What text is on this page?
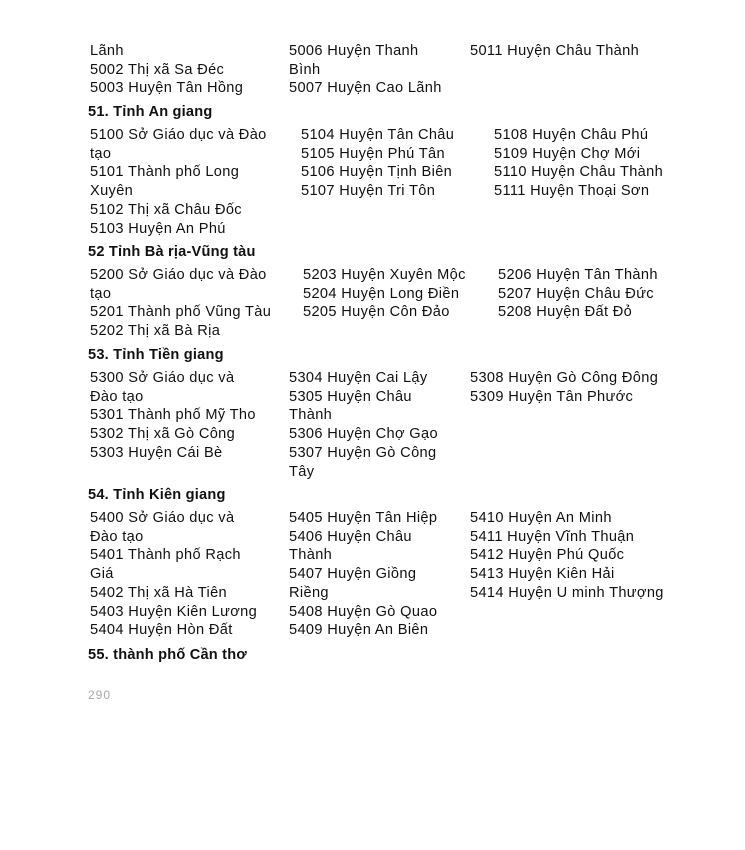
Lãnh
5002 Thị xã Sa Đéc
5003 Huyện Tân Hồng
5006 Huyện Thanh
Bình
5007 Huyện Cao Lãnh
5011 Huyện Châu Thành
51. Tỉnh An giang
5100 Sở Giáo dục và Đào
tạo
5101 Thành phố Long
Xuyên
5102 Thị xã Châu Đốc
5103 Huyện An Phú
5104 Huyện Tân Châu
5105 Huyện Phú Tân
5106 Huyện Tịnh Biên
5107 Huyện Tri Tôn
5108 Huyện Châu Phú
5109 Huyện Chợ Mới
5110 Huyện Châu Thành
5111 Huyện Thoại Sơn
52 Tỉnh Bà rịa-Vũng tàu
5200 Sở Giáo dục và Đào
tạo
5201 Thành phố Vũng Tàu
5202 Thị xã Bà Rịa
5203 Huyện Xuyên Mộc
5204 Huyện Long Điền
5205 Huyện Côn Đảo
5206 Huyện Tân Thành
5207 Huyện Châu Đức
5208 Huyện Đất Đỏ
53. Tỉnh Tiền giang
5300 Sở Giáo dục và
Đào tạo
5301 Thành phố Mỹ Tho
5302 Thị xã Gò Công
5303 Huyện Cái Bè
5304 Huyện Cai Lậy
5305 Huyện Châu
Thành
5306 Huyện Chợ Gạo
5307 Huyện Gò Công
Tây
5308 Huyện Gò Công Đông
5309 Huyện Tân Phước
54. Tỉnh Kiên giang
5400 Sở Giáo dục và
Đào tạo
5401 Thành phố Rạch
Giá
5402 Thị xã Hà Tiên
5403 Huyện Kiên Lương
5404 Huyện Hòn Đất
5405 Huyện Tân Hiệp
5406 Huyện Châu
Thành
5407 Huyện Giồng
Riềng
5408 Huyện Gò Quao
5409 Huyện An Biên
5410 Huyện An Minh
5411 Huyện Vĩnh Thuận
5412 Huyện Phú Quốc
5413 Huyện Kiên Hải
5414 Huyện U minh Thượng
55. thành phố Cần thơ
290
